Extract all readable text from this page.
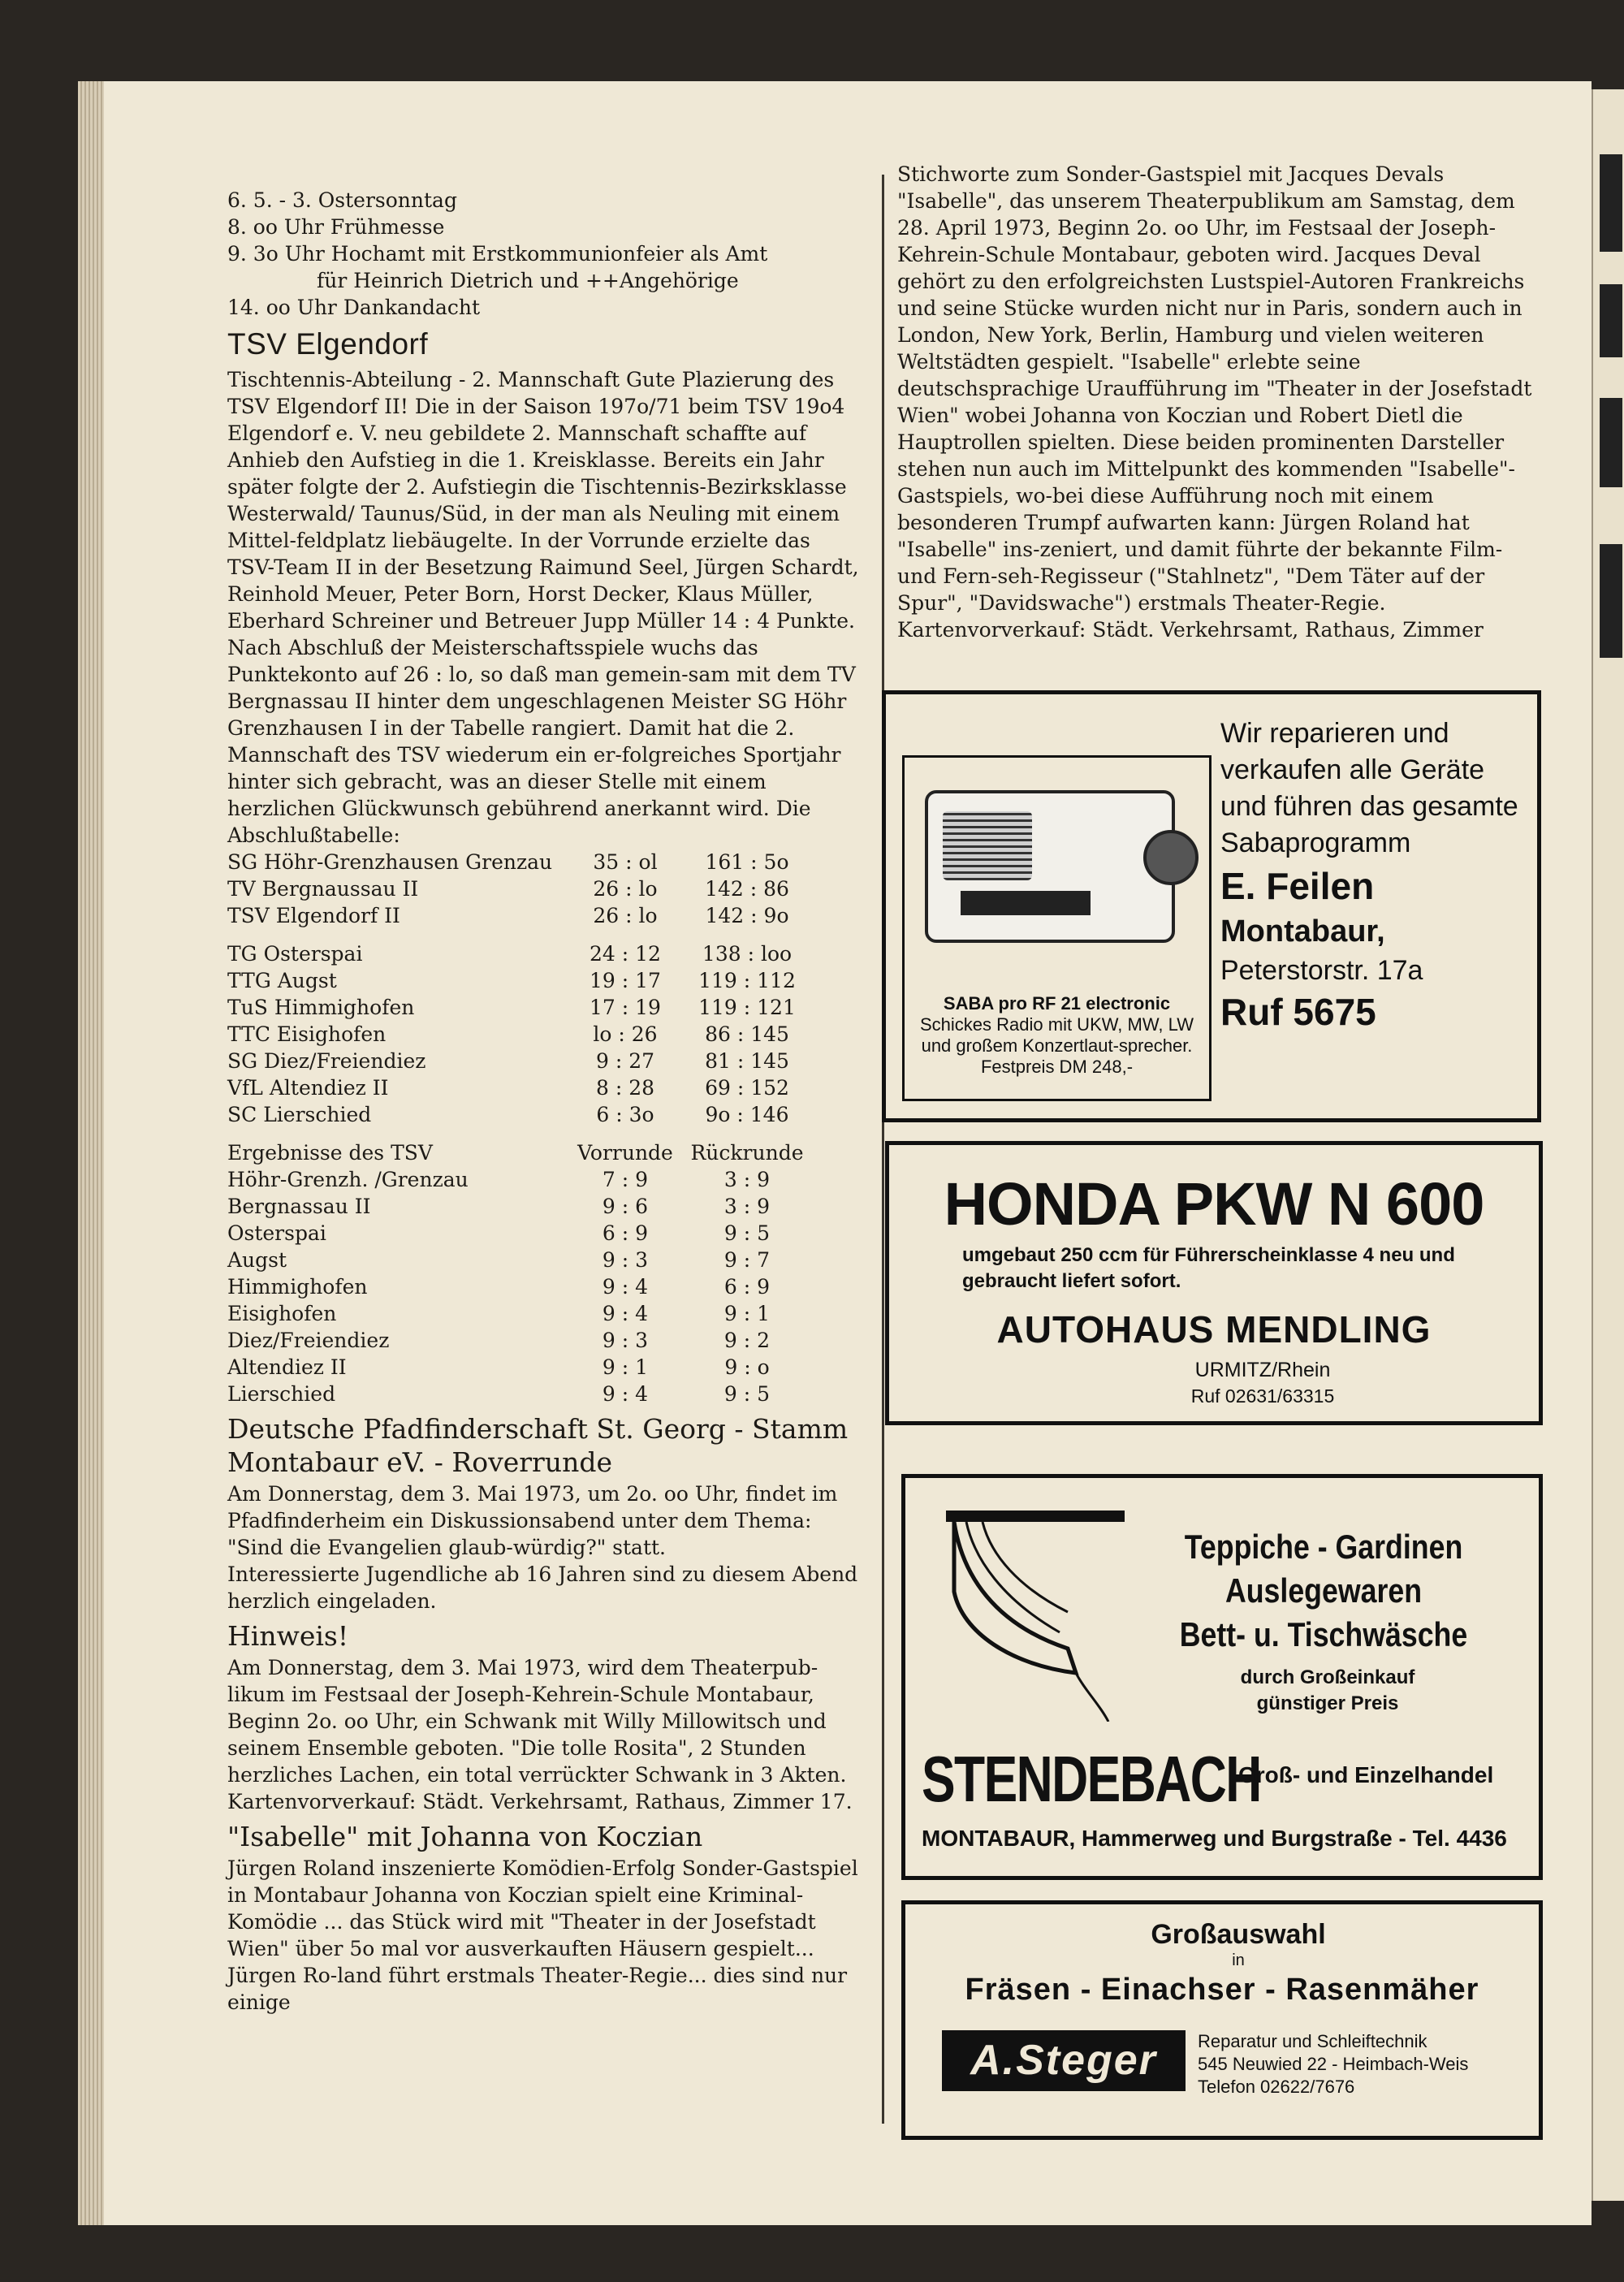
6. 5. - 3. Ostersonntag

8. oo Uhr Frühmesse

9. 3o Uhr Hochamt mit Erstkommunionfeier als Amt

für Heinrich Dietrich und ++Angehörige

14. oo Uhr Dankandacht

TSV Elgendorf

Tischtennis-Abteilung - 2. Mannschaft Gute Plazierung des TSV Elgendorf II! Die in der Saison 197o/71 beim TSV 19o4 Elgendorf e. V. neu gebildete 2. Mannschaft schaffte auf Anhieb den Aufstieg in die 1. Kreisklasse. Bereits ein Jahr später folgte der 2. Aufstiegin die Tischtennis-Bezirksklasse Westerwald/ Taunus/Süd, in der man als Neuling mit einem Mittel-feldplatz liebäugelte. In der Vorrunde erzielte das TSV-Team II in der Besetzung Raimund Seel, Jürgen Schardt, Reinhold Meuer, Peter Born, Horst Decker, Klaus Müller, Eberhard Schreiner und Betreuer Jupp Müller 14 : 4 Punkte. Nach Abschluß der Meisterschaftsspiele wuchs das Punktekonto auf 26 : lo, so daß man gemein-sam mit dem TV Bergnassau II hinter dem ungeschlagenen Meister SG Höhr Grenzhausen I in der Tabelle rangiert. Damit hat die 2. Mannschaft des TSV wiederum ein er-folgreiches Sportjahr hinter sich gebracht, was an dieser Stelle mit einem herzlichen Glückwunsch gebührend anerkannt wird. Die Abschlußtabelle:

SG Höhr-Grenzhausen Grenzau	35 : ol	161 : 5o
TV Bergnaussau II	26 : lo	142 : 86
TSV Elgendorf II	26 : lo	142 : 9o
TG Osterspai	24 : 12	138 : loo
TTG Augst	19 : 17	119 : 112
TuS Himmighofen	17 : 19	119 : 121
TTC Eisighofen	lo : 26	86 : 145
SG Diez/Freiendiez	9 : 27	81 : 145
VfL Altendiez II	8 : 28	69 : 152
SC Lierschied	6 : 3o	9o : 146
Ergebnisse des TSV	Vorrunde Rückrunde
Höhr-Grenzh. /Grenzau	7 : 9	3 : 9
Bergnassau II	9 : 6	3 : 9
Osterspai	6 : 9	9 : 5
Augst	9 : 3	9 : 7
Himmighofen	9 : 4	6 : 9
Eisighofen	9 : 4	9 : 1
Diez/Freiendiez	9 : 3	9 : 2
Altendiez II	9 : 1	9 : o
Lierschied	9 : 4	9 : 5
Deutsche Pfadfinderschaft St. Georg - Stamm Montabaur eV. - Roverrunde

Am Donnerstag, dem 3. Mai 1973, um 2o. oo Uhr, findet im Pfadfinderheim ein Diskussionsabend unter dem Thema: "Sind die Evangelien glaub-würdig?" statt.

Interessierte Jugendliche ab 16 Jahren sind zu diesem Abend herzlich eingeladen.

Hinweis!

Am Donnerstag, dem 3. Mai 1973, wird dem Theaterpub-likum im Festsaal der Joseph-Kehrein-Schule Montabaur, Beginn 2o. oo Uhr, ein Schwank mit Willy Millowitsch und seinem Ensemble geboten. "Die tolle Rosita", 2 Stunden herzliches Lachen, ein total verrückter Schwank in 3 Akten.

Kartenvorverkauf: Städt. Verkehrsamt, Rathaus, Zimmer 17.

"Isabelle" mit Johanna von Koczian

Jürgen Roland inszenierte Komödien-Erfolg Sonder-Gastspiel in Montabaur Johanna von Koczian spielt eine Kriminal-Komödie ... das Stück wird mit "Theater in der Josefstadt Wien" über 5o mal vor ausverkauften Häusern gespielt... Jürgen Ro-land führt erstmals Theater-Regie... dies sind nur einige

Stichworte zum Sonder-Gastspiel mit Jacques Devals "Isabelle", das unserem Theaterpublikum am Samstag, dem 28. April 1973, Beginn 2o. oo Uhr, im Festsaal der Joseph-Kehrein-Schule Montabaur, geboten wird. Jacques Deval gehört zu den erfolgreichsten Lustspiel-Autoren Frankreichs und seine Stücke wurden nicht nur in Paris, sondern auch in London, New York, Berlin, Hamburg und vielen weiteren Weltstädten gespielt. "Isabelle" erlebte seine deutschsprachige Uraufführung im "Theater in der Josefstadt Wien" wobei Johanna von Koczian und Robert Dietl die Hauptrollen spielten. Diese beiden prominenten Darsteller stehen nun auch im Mittelpunkt des kommenden "Isabelle"-Gastspiels, wo-bei diese Aufführung noch mit einem besonderen Trumpf aufwarten kann: Jürgen Roland hat "Isabelle" ins-zeniert, und damit führte der bekannte Film- und Fern-seh-Regisseur ("Stahlnetz", "Dem Täter auf der Spur", "Davidswache") erstmals Theater-Regie.

Kartenvorverkauf: Städt. Verkehrsamt, Rathaus, Zimmer

SABA pro RF 21 electronic
Schickes Radio mit UKW, MW, LW und großem Konzertlaut-sprecher. Festpreis DM 248,-
Wir reparieren und
verkaufen alle Geräte
und führen das gesamte
Sabaprogramm
E. Feilen
Montabaur,
Peterstorstr. 17a
Ruf 5675
HONDA PKW N 600
umgebaut 250 ccm für Führerscheinklasse 4 neu und gebraucht liefert sofort.
AUTOHAUS MENDLING
URMITZ/Rhein
Ruf 02631/63315
Teppiche - Gardinen
Auslegewaren
Bett- u. Tischwäsche
durch Großeinkauf
günstiger Preis
STENDEBACH
Groß- und Einzelhandel
MONTABAUR, Hammerweg und Burgstraße - Tel. 4436
Großauswahl
in
Fräsen - Einachser - Rasenmäher
A.Steger	Reparatur und Schleiftechnik
545 Neuwied 22 - Heimbach-Weis
Telefon 02622/7676
